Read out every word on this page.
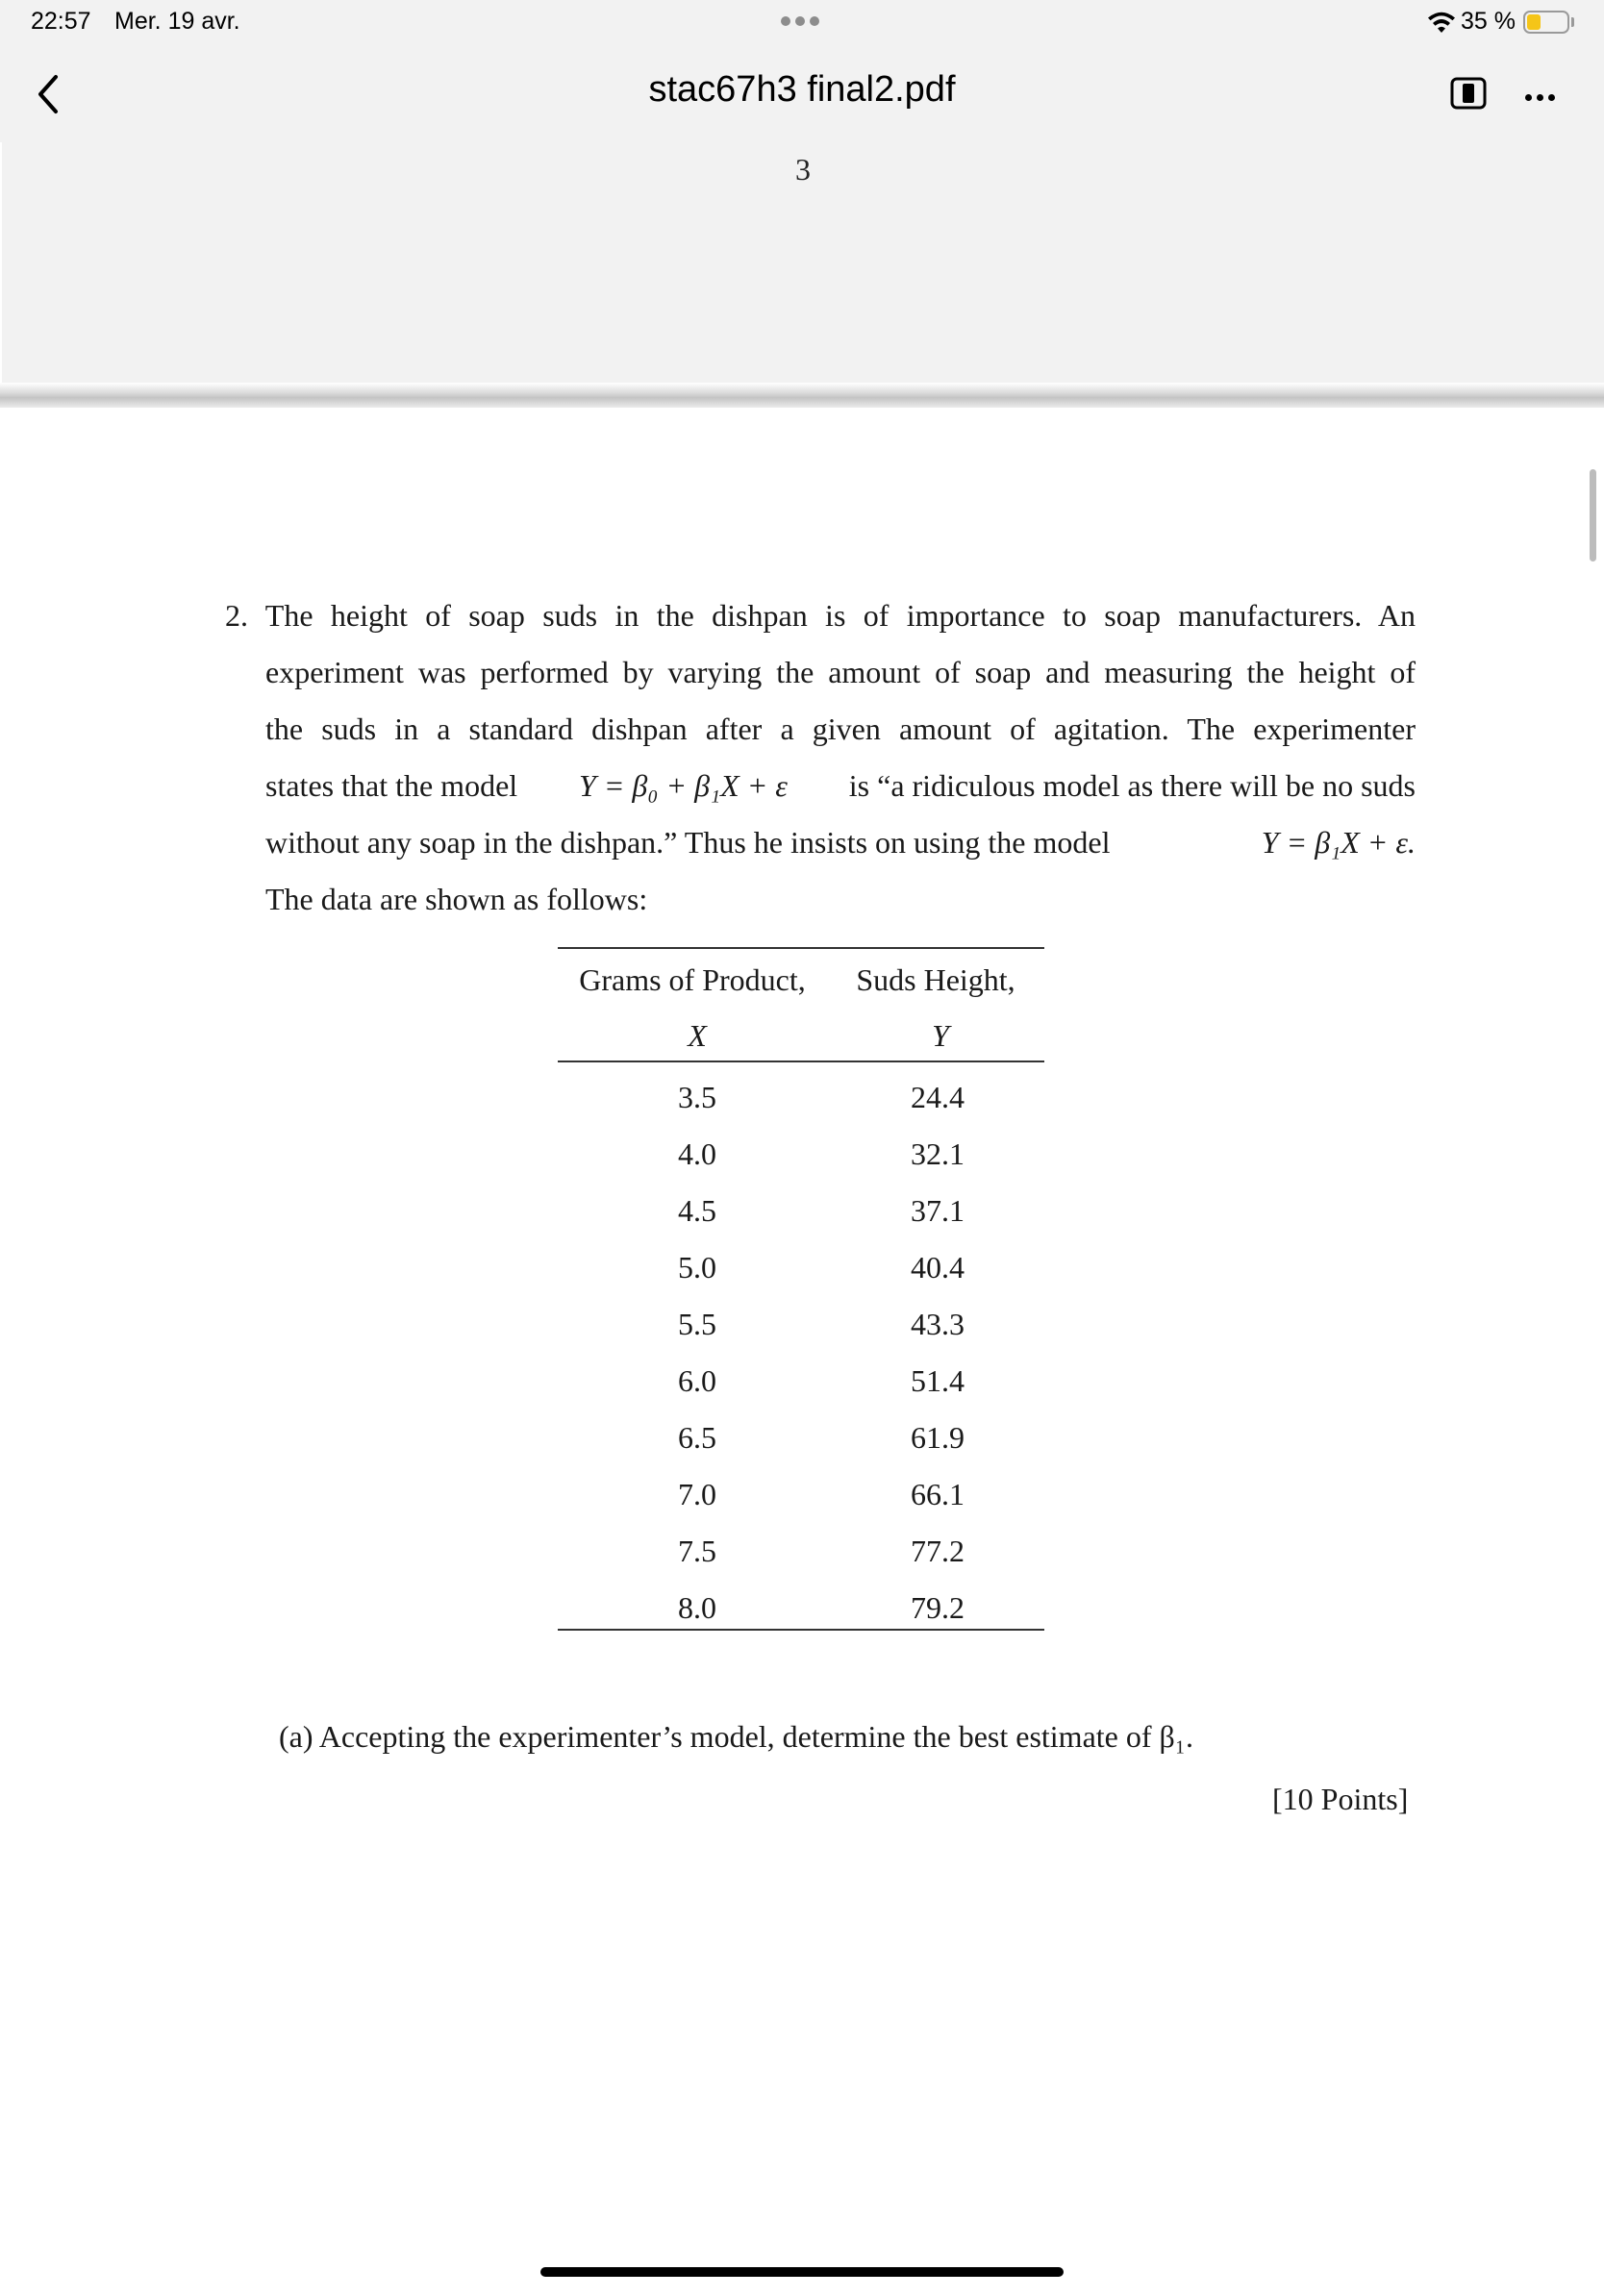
22:57 Mer. 19 avr.	35 %
stac67h3 final2.pdf
3
2. The height of soap suds in the dishpan is of importance to soap manufacturers. An
experiment was performed by varying the amount of soap and measuring the height of
the suds in a standard dishpan after a given amount of agitation. The experimenter
states that the model Y = β₀ + β₁X + ε is “a ridiculous model as there will be no suds
without any soap in the dishpan.” Thus he insists on using the model	Y = β₁X + ε.
The data are shown as follows:
Grams of Product,	Suds Height,
X	Y
3.5	24.4
4.0	32.1
4.5	37.1
5.0	40.4
5.5	43.3
6.0	51.4
6.5	61.9
7.0	66.1
7.5	77.2
8.0	79.2
(a) Accepting the experimenter’s model, determine the best estimate of β₁.
[10 Points]
